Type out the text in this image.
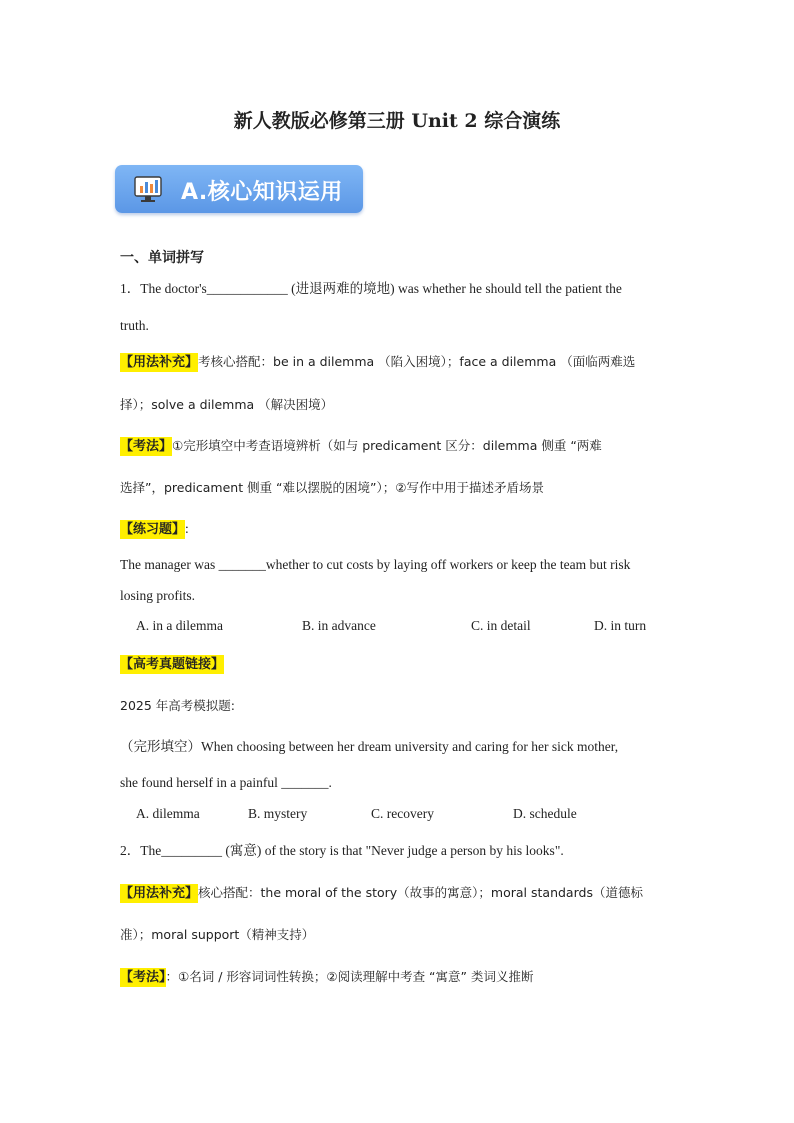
新人教版必修第三册 Unit 2 综合演练
A.核心知识运用
一、单词拼写
1．The doctor's____________ (进退两难的境地) was whether he should tell the patient the
truth.
【用法补充】考核心搭配：be in a dilemma （陷入困境）；face a dilemma （面临两难选
择）；solve a dilemma （解决困境）
【考法】①完形填空中考查语境辨析（如与 predicament 区分：dilemma 侧重 “两难
选择”，predicament 侧重 “难以摆脱的困境”）；②写作中用于描述矛盾场景
【练习题】:
The manager was _______whether to cut costs by laying off workers or keep the team but risk
losing profits.
A. in a dilemma	B. in advance	C. in detail	D. in turn
【高考真题链接】
2025 年高考模拟题:
（完形填空）When choosing between her dream university and caring for her sick mother,
she found herself in a painful _______.
A. dilemma	B. mystery	C. recovery	D. schedule
2．The_________ (寓意) of the story is that "Never judge a person by his looks".
【用法补充】核心搭配：the moral of the story（故事的寓意）；moral standards（道德标
准）；moral support（精神支持）
【考法】：①名词 / 形容词词性转换；②阅读理解中考查 “寓意” 类词义推断
